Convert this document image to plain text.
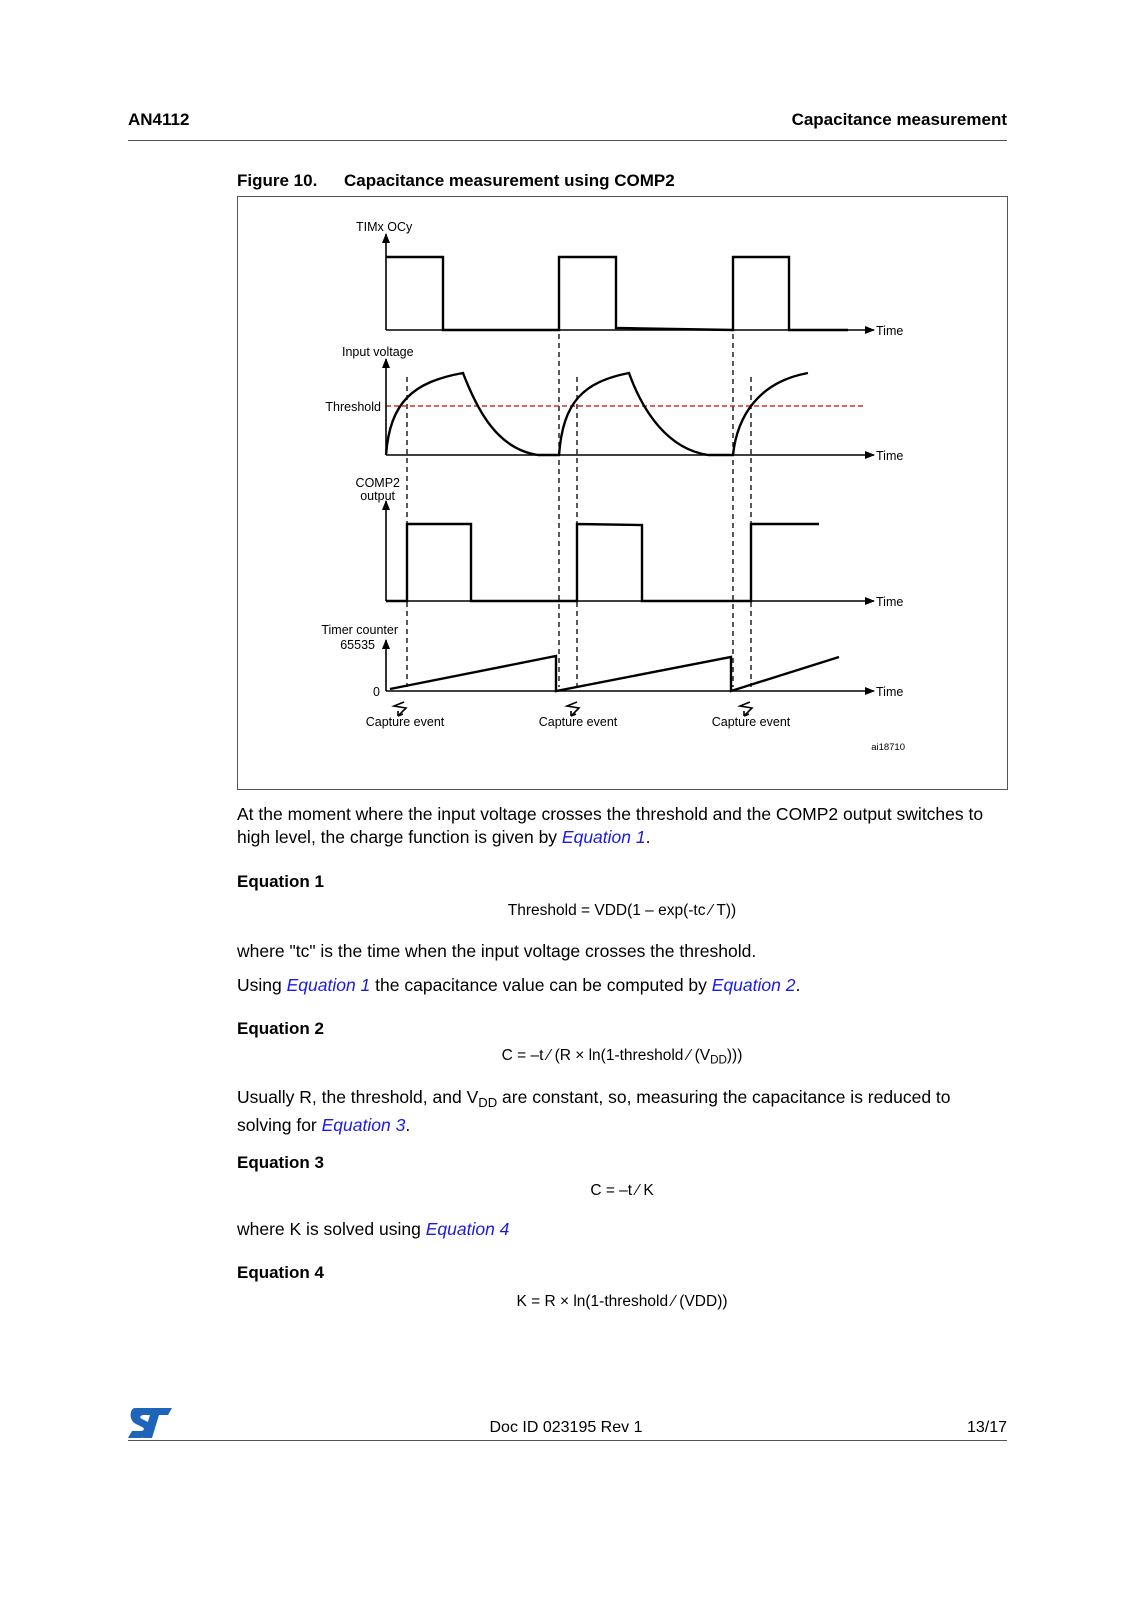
AN4112	Capacitance measurement
Figure 10. Capacitance measurement using COMP2
TIMx OCy
Input voltage
Threshold
COMP2
output
Timer counter
65535
0
Time
Time
Time
Time
Capture event	Capture event	Capture event
ai18710
At the moment where the input voltage crosses the threshold and the COMP2 output switches to high level, the charge function is given by Equation 1.
Equation 1
Threshold = VDD(1 – exp(-tc ⁄ T))
where "tc" is the time when the input voltage crosses the threshold.
Using Equation 1 the capacitance value can be computed by Equation 2.
Equation 2
C = –t ⁄ (R × ln(1-threshold ⁄ $(V_{DD})$))
Usually R, the threshold, and $V_{DD}$ are constant, so, measuring the capacitance is reduced to solving for Equation 3.
Equation 3
C = –t ⁄ K
where K is solved using Equation 4
Equation 4
K = R × ln(1-threshold ⁄ (VDD))
Doc ID 023195 Rev 1	13/17
